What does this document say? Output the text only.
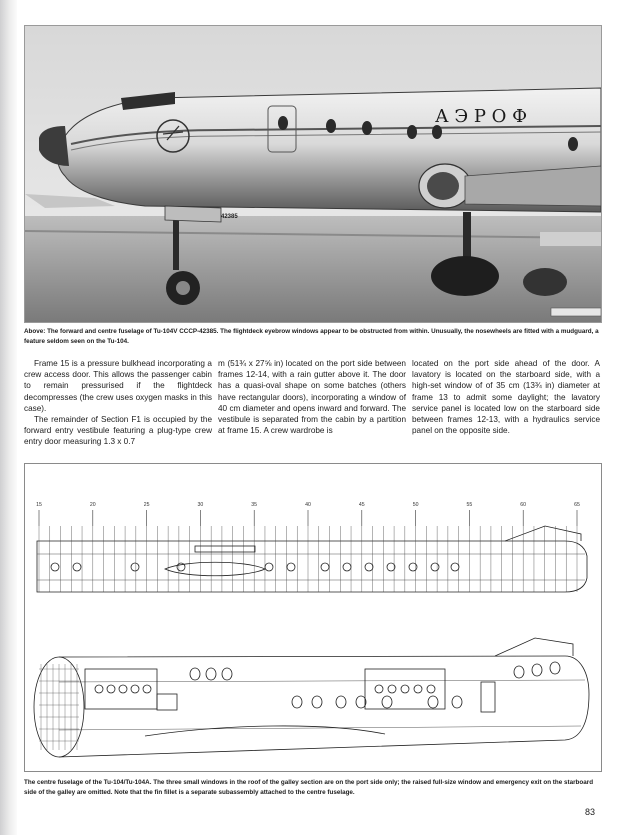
А Э Р О Ф
42385
Above: The forward and centre fuselage of Tu-104V CCCP-42385. The flightdeck eyebrow windows appear to be obstructed from within. Unusually, the nosewheels are fitted with a mudguard, a feature seldom seen on the Tu-104.

Frame 15 is a pressure bulkhead incorporating a crew access door. This allows the passenger cabin to remain pressurised if the flightdeck decompresses (the crew uses oxygen masks in this case).

The remainder of Section F1 is occupied by the forward entry vestibule featuring a plug-type crew entry door measuring 1.3 x 0.7

m (51¾ x 27⅝ in) located on the port side between frames 12-14, with a rain gutter above it. The door has a quasi-oval shape on some batches (others have rectangular doors), incorporating a window of 40 cm diameter and opens inward and forward. The vestibule is separated from the cabin by a partition at frame 15. A crew wardrobe is

located on the port side ahead of the door. A lavatory is located on the starboard side, with a high-set window of of 35 cm (13¾ in) diameter at frame 13 to admit some daylight; the lavatory service panel is located low on the starboard side between frames 12-13, with a hydraulics service panel on the opposite side.

15	20	25	30	35	40	45	50	55	60	65
The centre fuselage of the Tu-104/Tu-104A. The three small windows in the roof of the galley section are on the port side only; the raised full-size window and emergency exit on the starboard side of the galley are omitted. Note that the fin fillet is a separate subassembly attached to the centre fuselage.
83
